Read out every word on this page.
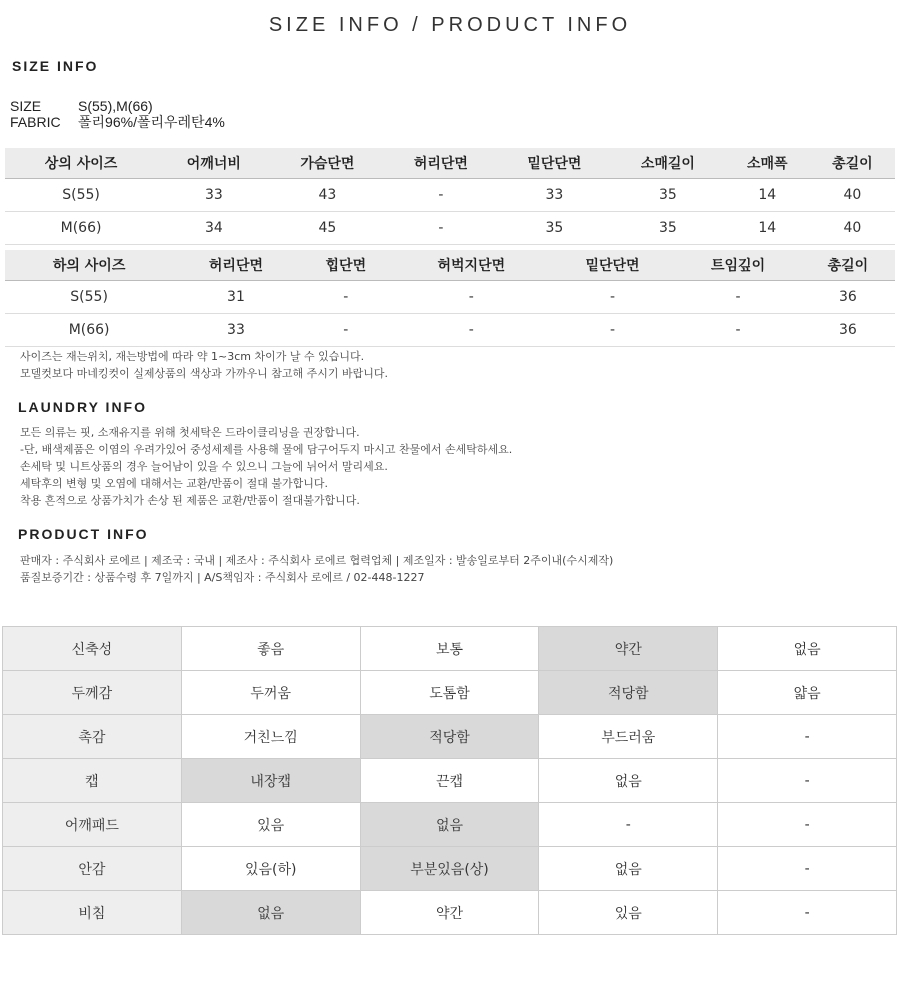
SIZE INFO / PRODUCT INFO
SIZE INFO
SIZE	S(55),M(66)
FABRIC 폴리96%/폴리우레탄4%
상의 사이즈	어깨너비	가슴단면	허리단면	밑단단면	소매길이	소매폭	총길이
S(55)	33	43	-	33	35	14	40
M(66)	34	45	-	35	35	14	40
하의 사이즈	허리단면	힙단면	허벅지단면	밑단단면	트임깊이	총길이
S(55)	31	-	-	-	-	36
M(66)	33	-	-	-	-	36
사이즈는 재는위치, 재는방법에 따라 약 1~3cm 차이가 날 수 있습니다.
모델컷보다 마네킹컷이 실제상품의 색상과 가까우니 참고해 주시기 바랍니다.
LAUNDRY INFO
모든 의류는 핏, 소재유지를 위해 첫세탁은 드라이클리닝을 권장합니다.
-단, 배색제품은 이염의 우려가있어 중성세제를 사용해 물에 담구어두지 마시고 찬물에서 손세탁하세요.
손세탁 및 니트상품의 경우 늘어남이 있을 수 있으니 그늘에 뉘어서 말리세요.
세탁후의 변형 및 오염에 대해서는 교환/반품이 절대 불가합니다.
착용 흔적으로 상품가치가 손상 된 제품은 교환/반품이 절대불가합니다.
PRODUCT INFO
판매자 : 주식회사 로에르 | 제조국 : 국내 | 제조사 : 주식회사 로에르 협력업체 | 제조일자 : 발송일로부터 2주이내(수시제작)
품질보증기간 : 상품수령 후 7일까지 | A/S책임자 : 주식회사 로에르 / 02-448-1227
신축성	좋음	보통	약간	없음
두께감	두꺼움	도톰함	적당함	얇음
촉감	거친느낌	적당함	부드러움	-
캡	내장캡	끈캡	없음	-
어깨패드	있음	없음	-	-
안감	있음(하)	부분있음(상)	없음	-
비침	없음	약간	있음	-
